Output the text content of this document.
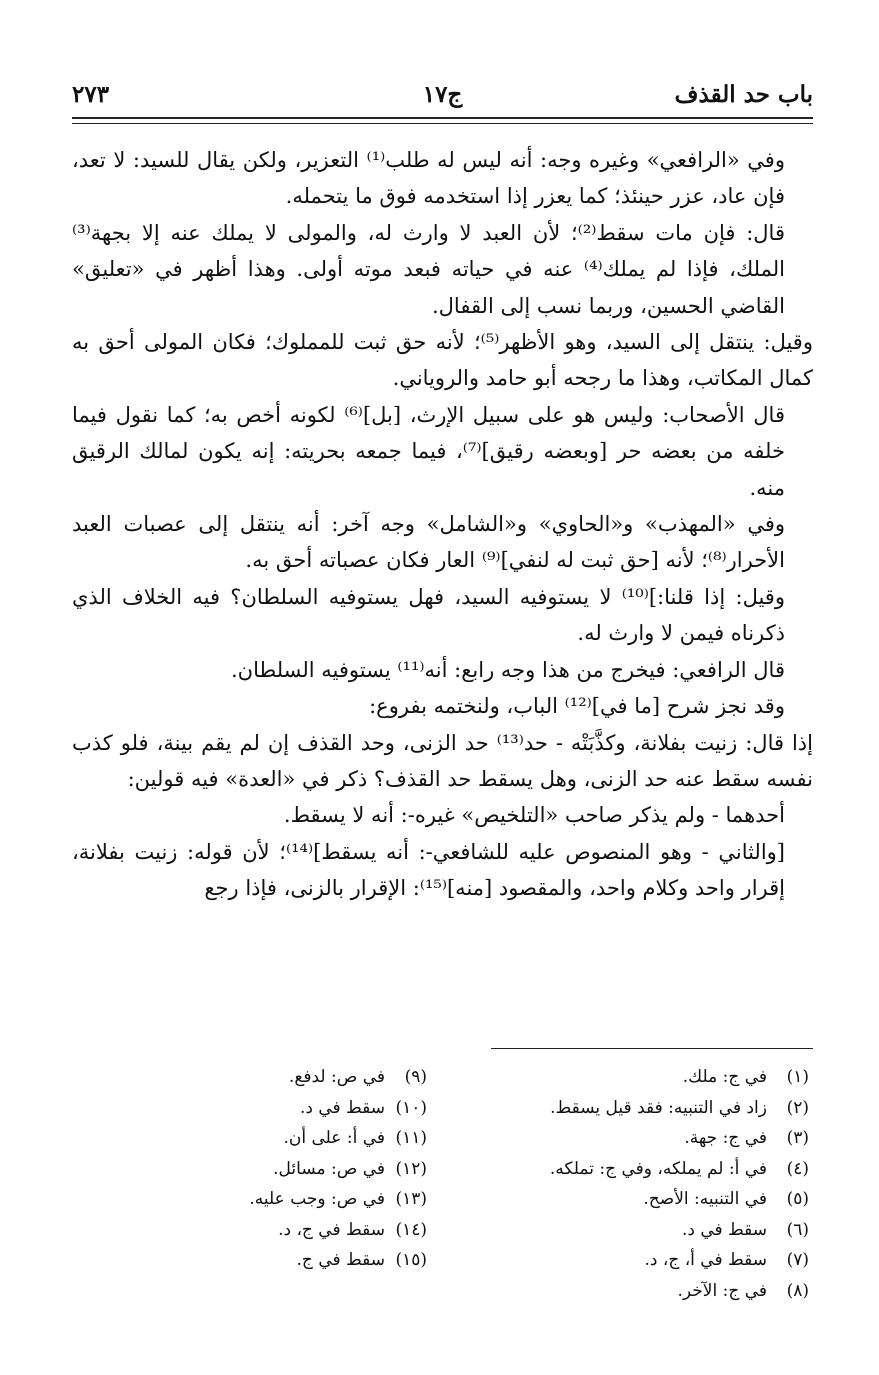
باب حد القذف
ج١٧
٢٧٣

وفي «الرافعي» وغيره وجه: أنه ليس له طلب⁽¹⁾ التعزير، ولكن يقال للسيد: لا تعد، فإن عاد، عزر حينئذ؛ كما يعزر إذا استخدمه فوق ما يتحمله.

قال: فإن مات سقط⁽²⁾؛ لأن العبد لا وارث له، والمولى لا يملك عنه إلا بجهة⁽³⁾ الملك، فإذا لم يملك⁽⁴⁾ عنه في حياته فبعد موته أولى. وهذا أظهر في «تعليق» القاضي الحسين، وربما نسب إلى القفال.

وقيل: ينتقل إلى السيد، وهو الأظهر⁽⁵⁾؛ لأنه حق ثبت للمملوك؛ فكان المولى أحق به كمال المكاتب، وهذا ما رجحه أبو حامد والروياني.

قال الأصحاب: وليس هو على سبيل الإرث، [بل]⁽⁶⁾ لكونه أخص به؛ كما نقول فيما خلفه من بعضه حر [وبعضه رقيق]⁽⁷⁾، فيما جمعه بحريته: إنه يكون لمالك الرقيق منه.

وفي «المهذب» و«الحاوي» و«الشامل» وجه آخر: أنه ينتقل إلى عصبات العبد الأحرار⁽⁸⁾؛ لأنه [حق ثبت له لنفي]⁽⁹⁾ العار فكان عصباته أحق به.

وقيل: إذا قلنا:]⁽¹⁰⁾ لا يستوفيه السيد، فهل يستوفيه السلطان؟ فيه الخلاف الذي ذكرناه فيمن لا وارث له.

قال الرافعي: فيخرج من هذا وجه رابع: أنه⁽¹¹⁾ يستوفيه السلطان.

وقد نجز شرح [ما في]⁽¹²⁾ الباب، ولنختمه بفروع:

إذا قال: زنيت بفلانة، وكذَّبَتْه - حد⁽¹³⁾ حد الزنى، وحد القذف إن لم يقم بينة، فلو كذب نفسه سقط عنه حد الزنى، وهل يسقط حد القذف؟ ذكر في «العدة» فيه قولين:

أحدهما - ولم يذكر صاحب «التلخيص» غيره-: أنه لا يسقط.

[والثاني - وهو المنصوص عليه للشافعي-: أنه يسقط]⁽¹⁴⁾؛ لأن قوله: زنيت بفلانة، إقرار واحد وكلام واحد، والمقصود [منه]⁽¹⁵⁾: الإقرار بالزنى، فإذا رجع

(١)في ج: ملك.
(٢)زاد في التنبيه: فقد قيل يسقط.
(٣)في ج: جهة.
(٤)في أ: لم يملكه، وفي ج: تملكه.
(٥)في التنبيه: الأصح.
(٦)سقط في د.
(٧)سقط في أ، ج، د.
(٨)في ج: الآخر.
(٩)في ص: لدفع.
(١٠)سقط في د.
(١١)في أ: على أن.
(١٢)في ص: مسائل.
(١٣)في ص: وجب عليه.
(١٤)سقط في ج، د.
(١٥)سقط في ج.
